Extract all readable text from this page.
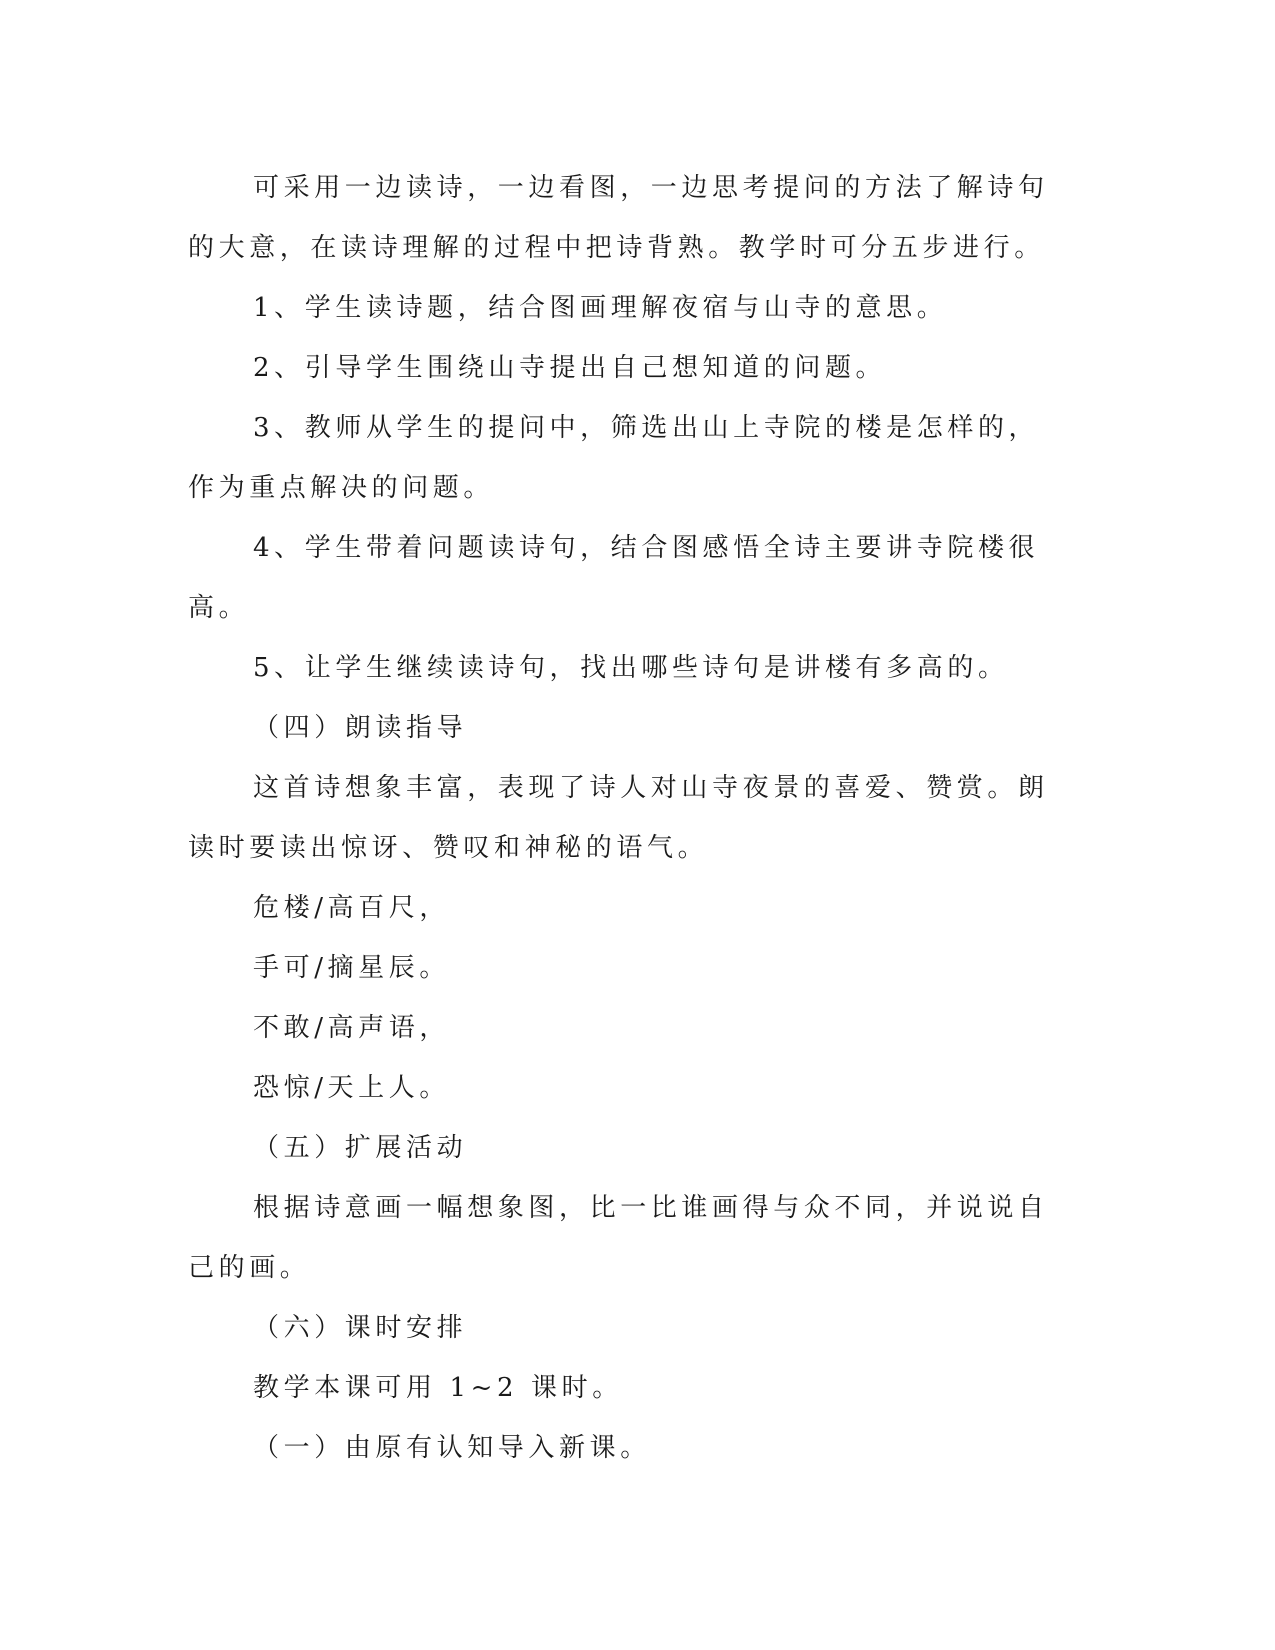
可采用一边读诗，一边看图，一边思考提问的方法了解诗句的大意，在读诗理解的过程中把诗背熟。教学时可分五步进行。

1、学生读诗题，结合图画理解夜宿与山寺的意思。

2、引导学生围绕山寺提出自己想知道的问题。

3、教师从学生的提问中，筛选出山上寺院的楼是怎样的，作为重点解决的问题。

4、学生带着问题读诗句，结合图感悟全诗主要讲寺院楼很高。

5、让学生继续读诗句，找出哪些诗句是讲楼有多高的。

（四）朗读指导

这首诗想象丰富，表现了诗人对山寺夜景的喜爱、赞赏。朗读时要读出惊讶、赞叹和神秘的语气。

危楼/高百尺，

手可/摘星辰。

不敢/高声语，

恐惊/天上人。

（五）扩展活动

根据诗意画一幅想象图，比一比谁画得与众不同，并说说自己的画。

（六）课时安排

教学本课可用 1~2 课时。

（一）由原有认知导入新课。
